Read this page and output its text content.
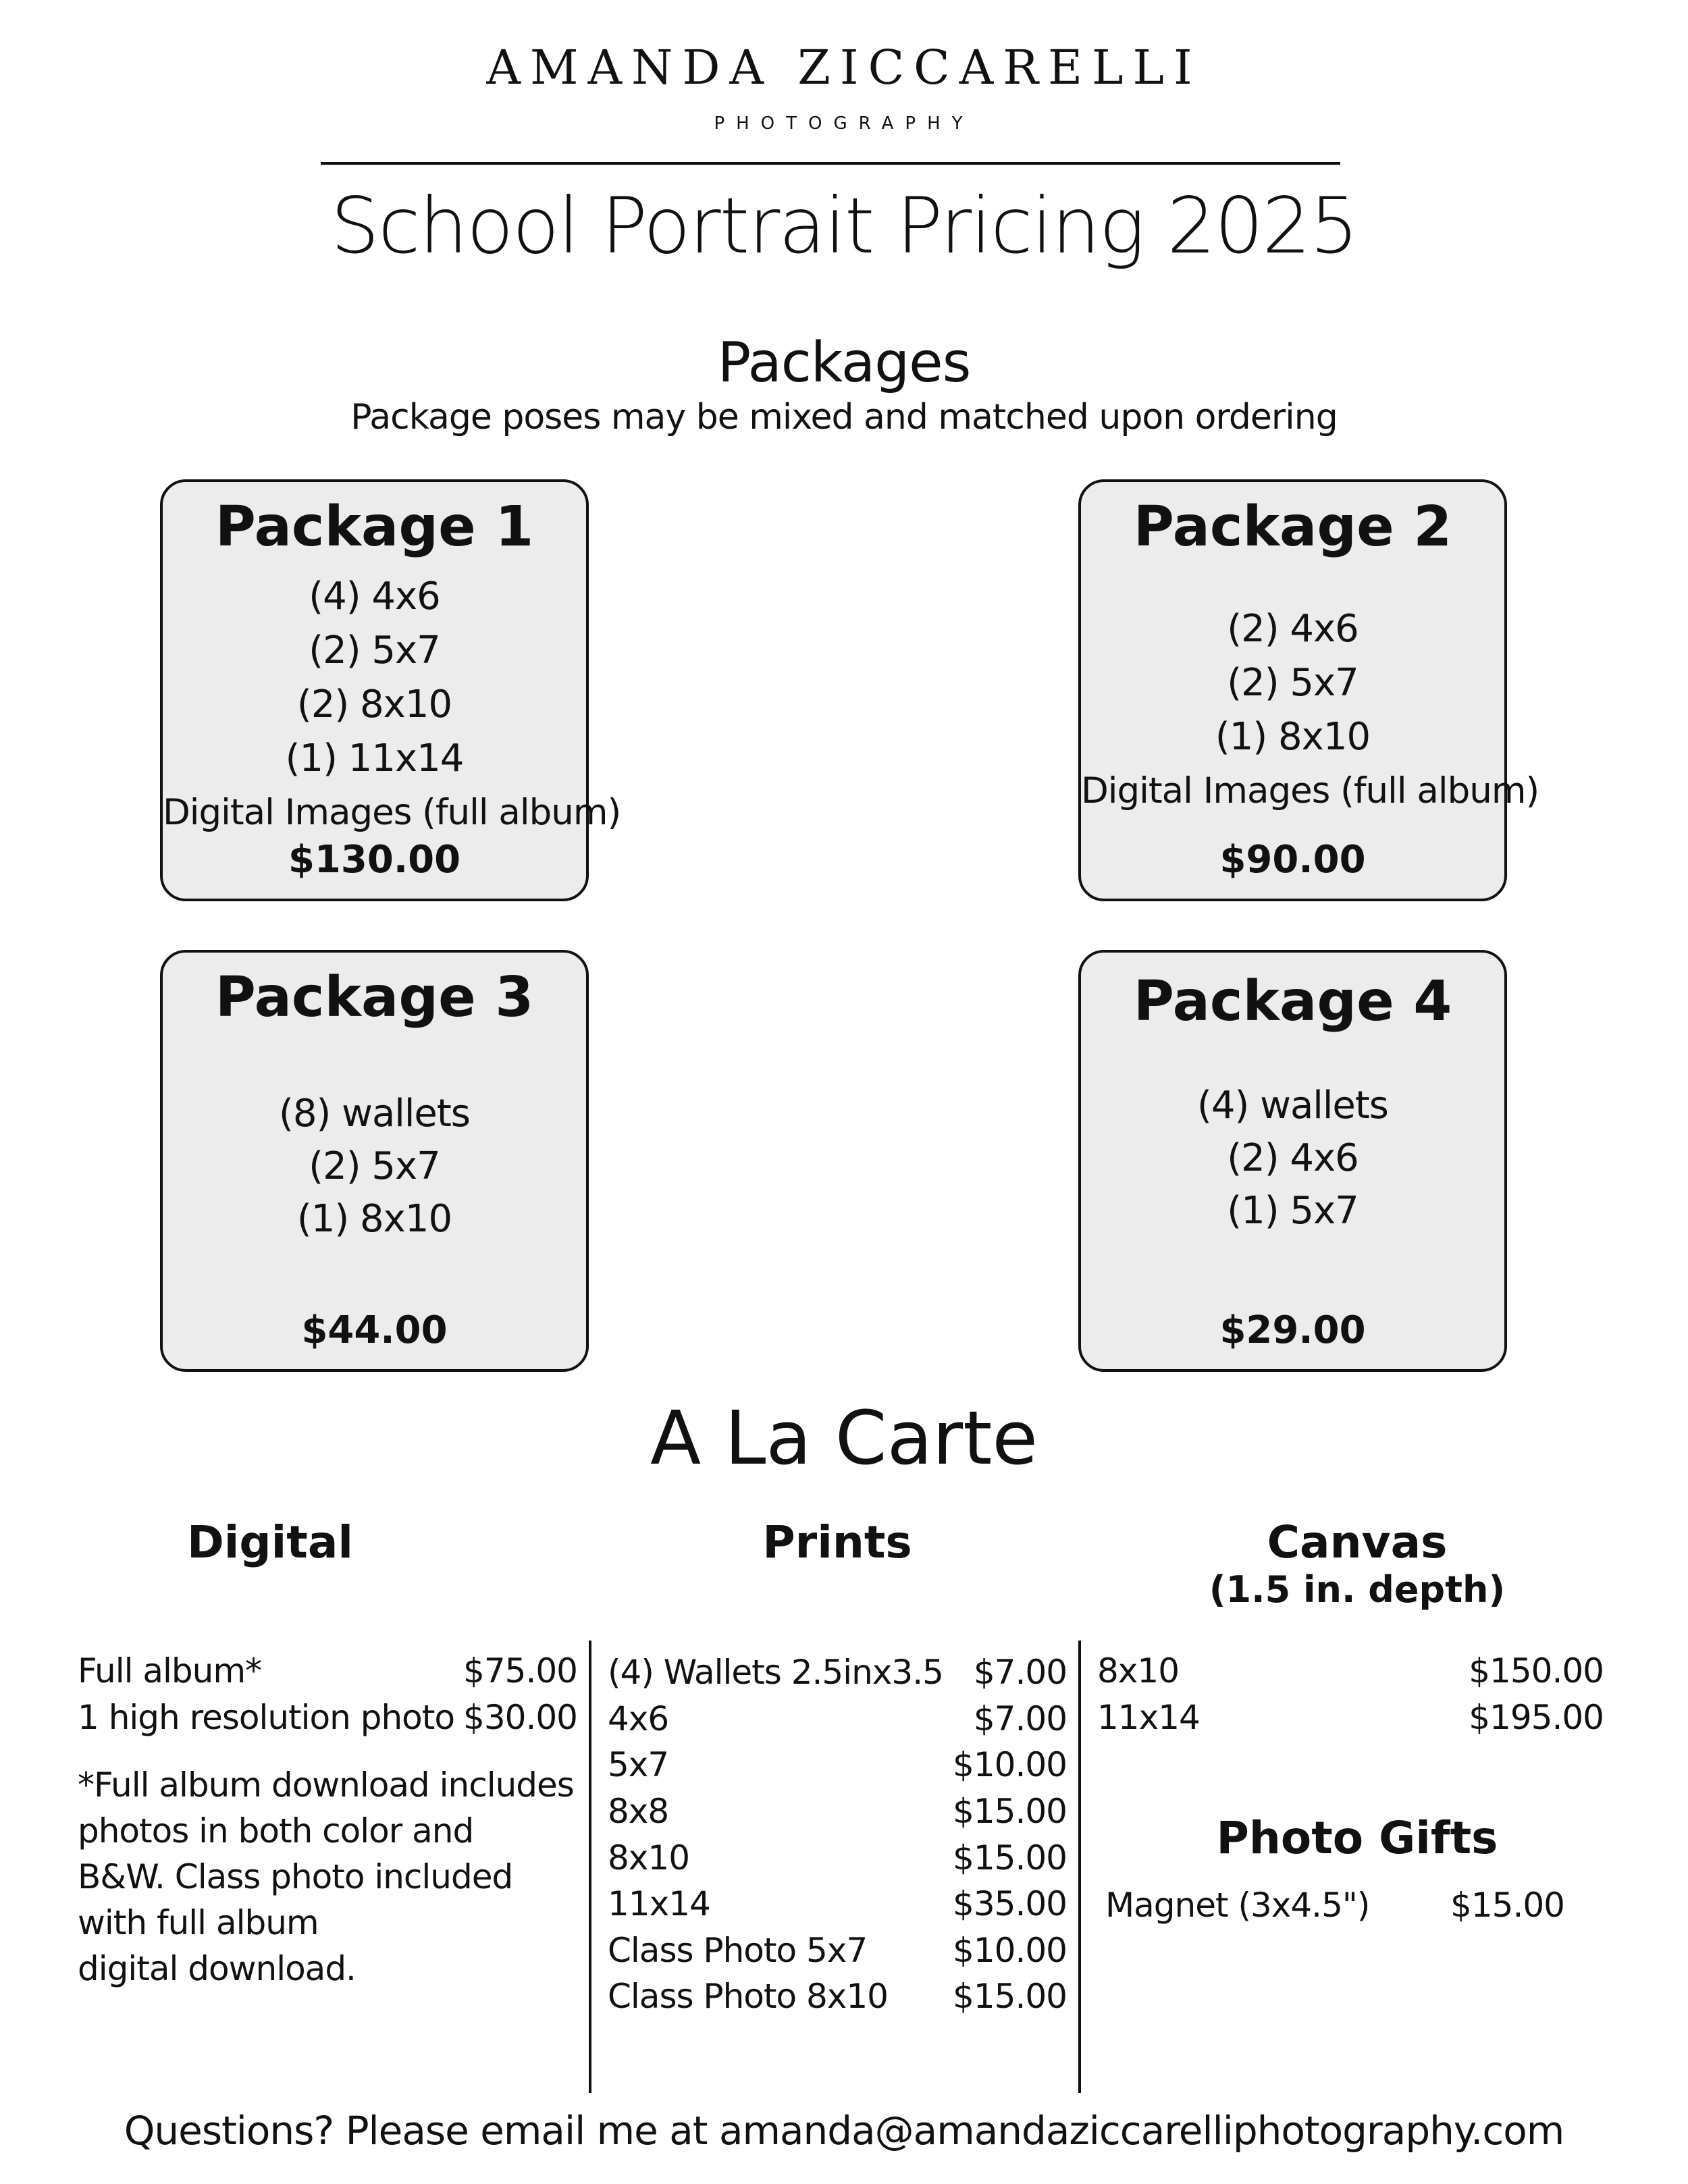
AMANDA ZICCARELLI
PHOTOGRAPHY
School Portrait Pricing 2025
Packages
Package poses may be mixed and matched upon ordering
Package 1
(4) 4x6
(2) 5x7
(2) 8x10
(1) 11x14
Digital Images (full album)
$130.00
Package 2
(2) 4x6
(2) 5x7
(1) 8x10
Digital Images (full album)
$90.00
Package 3
(8) wallets
(2) 5x7
(1) 8x10
$44.00
Package 4
(4) wallets
(2) 4x6
(1) 5x7
$29.00
A La Carte
Digital	Prints	Canvas
(1.5 in. depth)
Full album*	$75.00
1 high resolution photo $30.00
*Full album download includes
photos in both color and
B&W. Class photo included
with full album
digital download.
(4) Wallets 2.5inx3.5 $7.00
4x6	$7.00
5x7	$10.00
8x8	$15.00
8x10	$15.00
11x14	$35.00
Class Photo 5x7	$10.00
Class Photo 8x10 $15.00
8x10	$150.00
11x14	$195.00
Photo Gifts
Magnet (3x4.5") $15.00
Questions? Please email me at amanda@amandaziccarelliphotography.com
